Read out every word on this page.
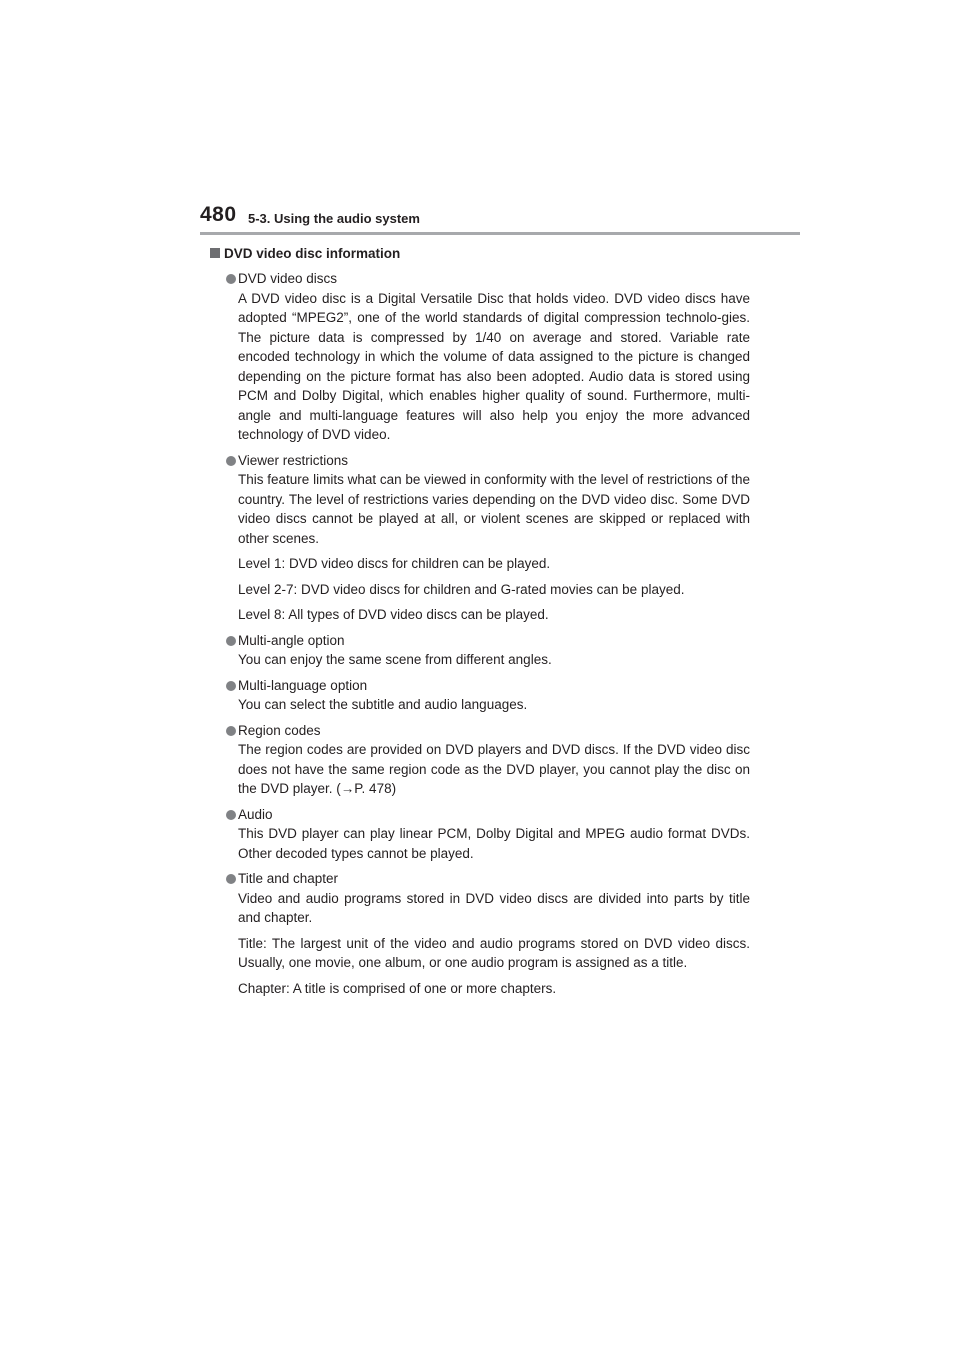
480 5-3. Using the audio system
DVD video disc information
DVD video discs

A DVD video disc is a Digital Versatile Disc that holds video. DVD video discs have adopted “MPEG2”, one of the world standards of digital compression technolo-gies. The picture data is compressed by 1/40 on average and stored. Variable rate encoded technology in which the volume of data assigned to the picture is changed depending on the picture format has also been adopted. Audio data is stored using PCM and Dolby Digital, which enables higher quality of sound. Furthermore, multi-angle and multi-language features will also help you enjoy the more advanced technology of DVD video.

Viewer restrictions

This feature limits what can be viewed in conformity with the level of restrictions of the country. The level of restrictions varies depending on the DVD video disc. Some DVD video discs cannot be played at all, or violent scenes are skipped or replaced with other scenes.

Level 1: DVD video discs for children can be played.

Level 2-7: DVD video discs for children and G-rated movies can be played.

Level 8: All types of DVD video discs can be played.

Multi-angle option

You can enjoy the same scene from different angles.

Multi-language option

You can select the subtitle and audio languages.

Region codes

The region codes are provided on DVD players and DVD discs. If the DVD video disc does not have the same region code as the DVD player, you cannot play the disc on the DVD player. (→P. 478)

Audio

This DVD player can play linear PCM, Dolby Digital and MPEG audio format DVDs. Other decoded types cannot be played.

Title and chapter

Video and audio programs stored in DVD video discs are divided into parts by title and chapter.

Title: The largest unit of the video and audio programs stored on DVD video discs. Usually, one movie, one album, or one audio program is assigned as a title.

Chapter: A title is comprised of one or more chapters.
